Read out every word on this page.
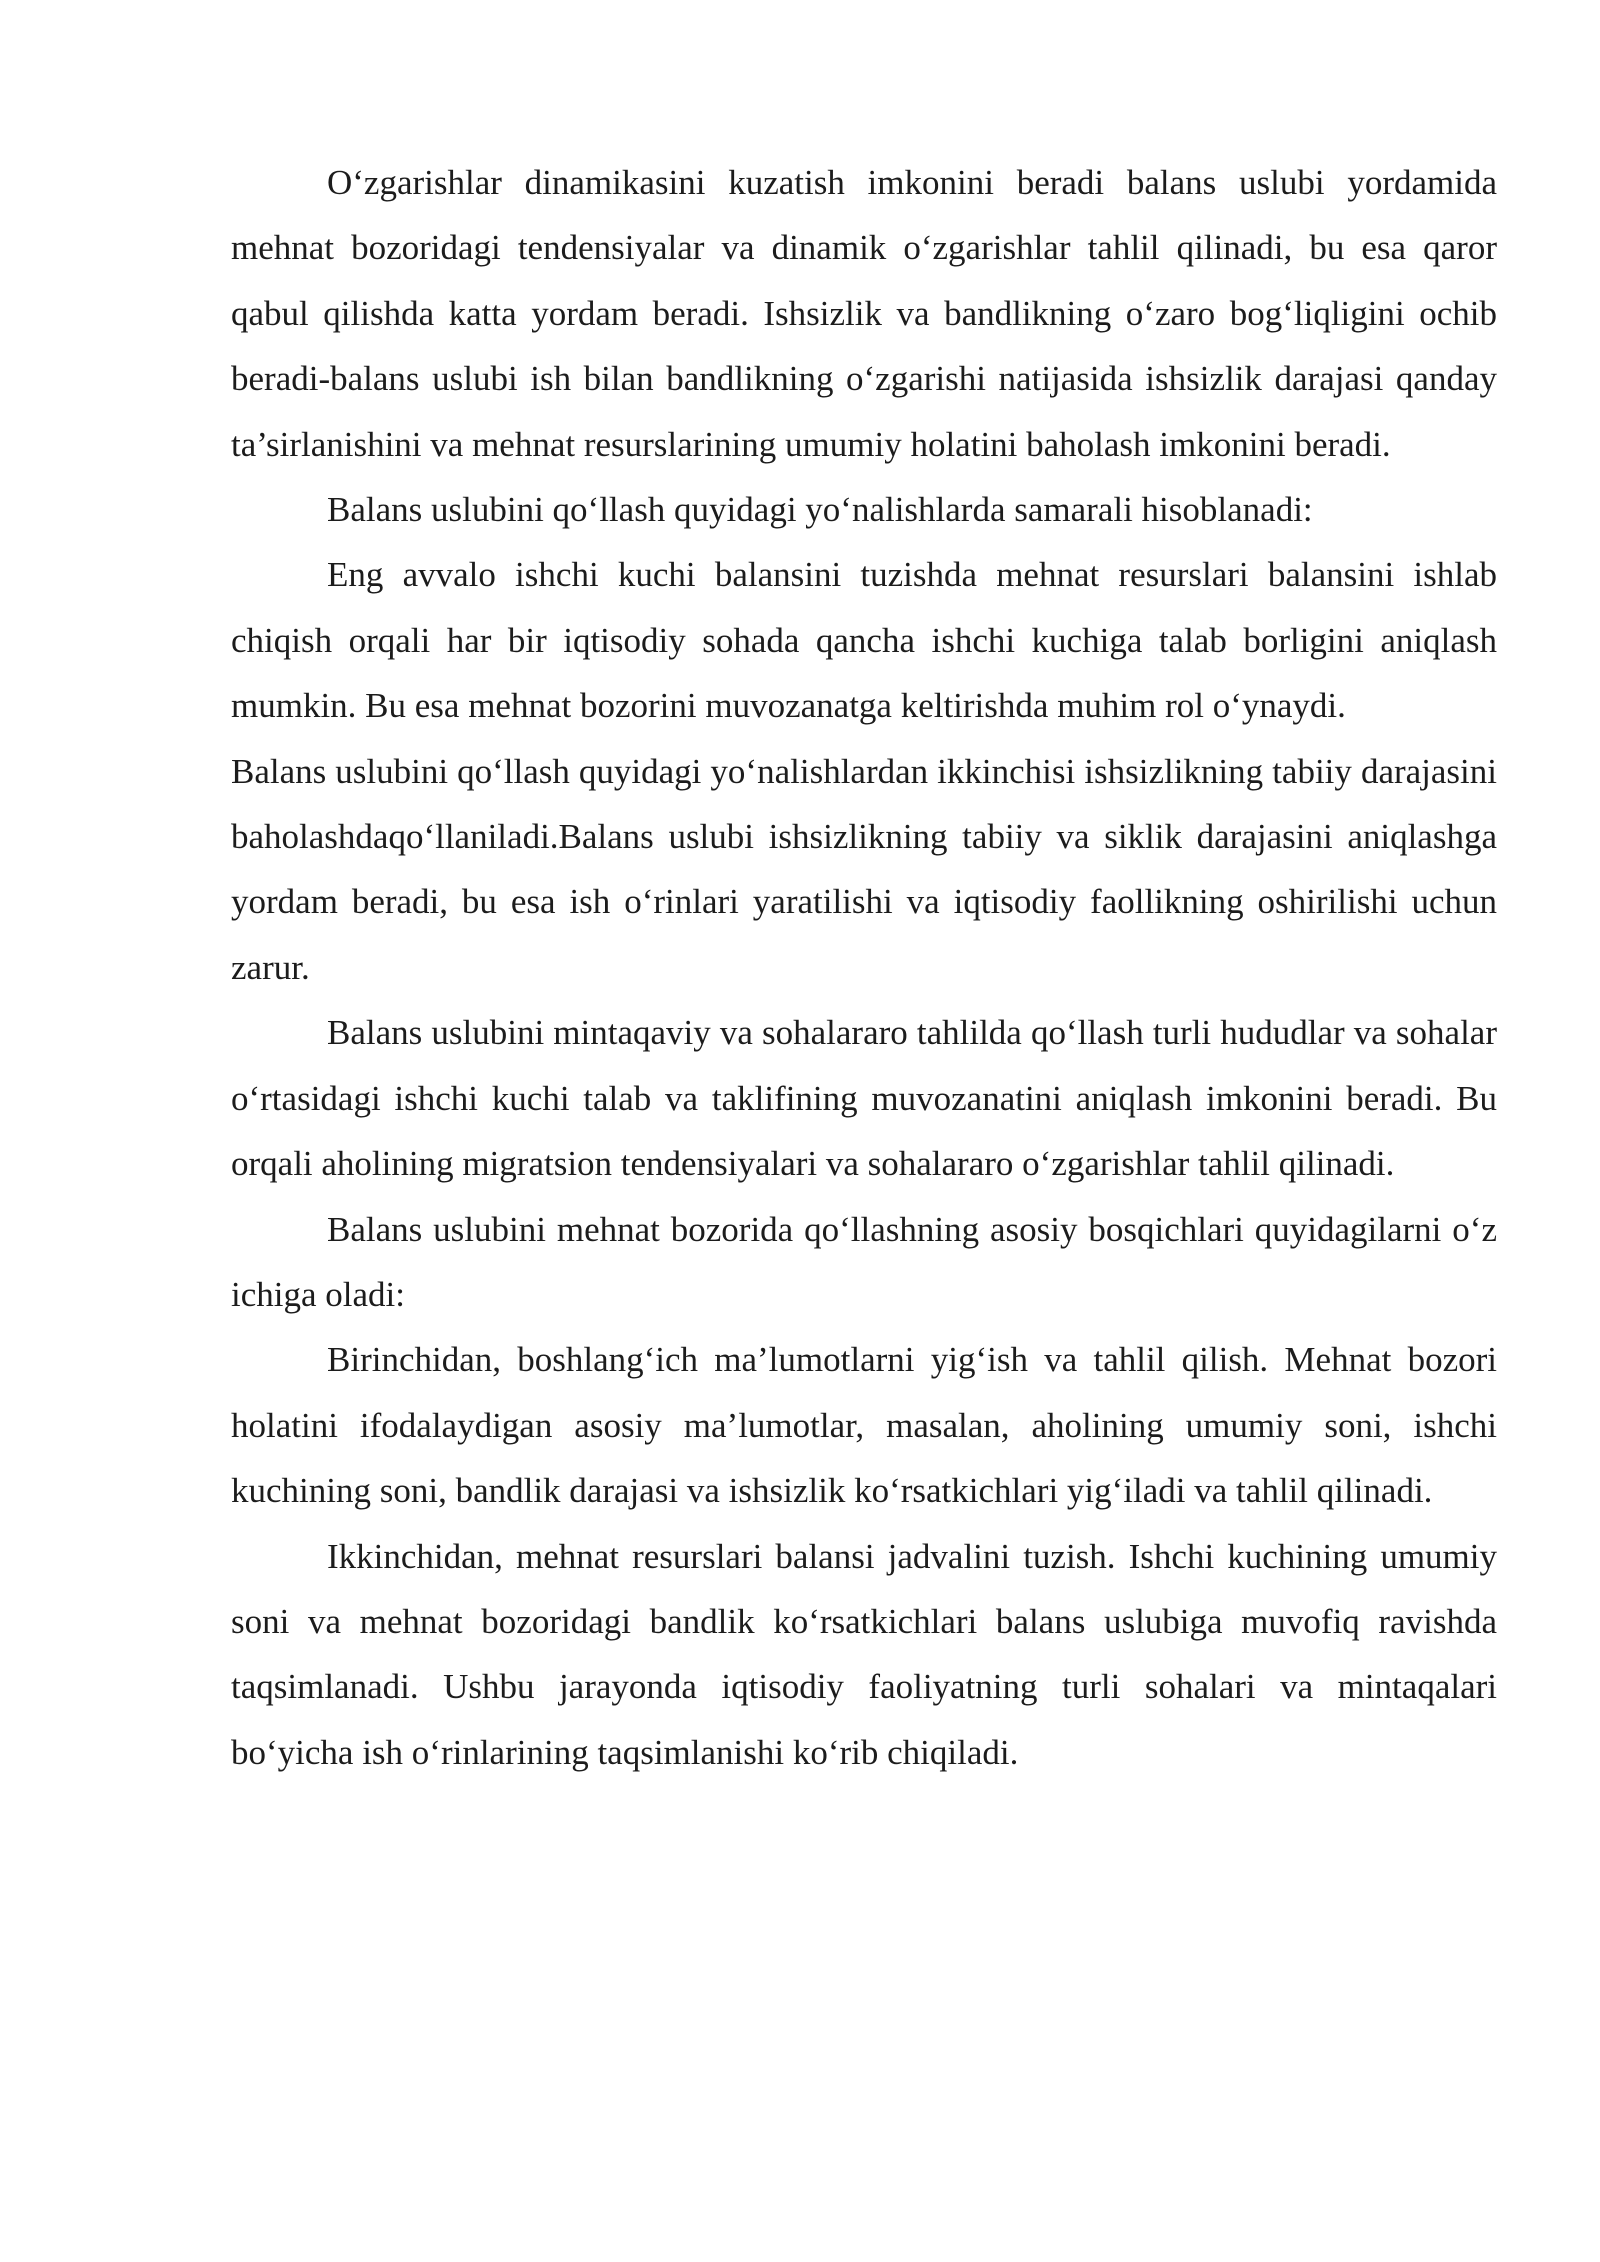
O‘zgarishlar dinamikasini kuzatish imkonini beradi balans uslubi yordamida mehnat bozoridagi tendensiyalar va dinamik o‘zgarishlar tahlil qilinadi, bu esa qaror qabul qilishda katta yordam beradi. Ishsizlik va bandlikning o‘zaro bog‘liqligini ochib beradi-balans uslubi ish bilan bandlikning o‘zgarishi natijasida ishsizlik darajasi qanday ta’sirlanishini va mehnat resurslarining umumiy holatini baholash imkonini beradi.

Balans uslubini qo‘llash quyidagi yo‘nalishlarda samarali hisoblanadi:

Eng avvalo ishchi kuchi balansini tuzishda mehnat resurslari balansini ishlab chiqish orqali har bir iqtisodiy sohada qancha ishchi kuchiga talab borligini aniqlash mumkin. Bu esa mehnat bozorini muvozanatga keltirishda muhim rol o‘ynaydi.

Balans uslubini qo‘llash quyidagi yo‘nalishlardan ikkinchisi ishsizlikning tabiiy darajasini baholashdaqo‘llaniladi.Balans uslubi ishsizlikning tabiiy va siklik darajasini aniqlashga yordam beradi, bu esa ish o‘rinlari yaratilishi va iqtisodiy faollikning oshirilishi uchun zarur.

Balans uslubini mintaqaviy va sohalararo tahlilda qo‘llash turli hududlar va sohalar o‘rtasidagi ishchi kuchi talab va taklifining muvozanatini aniqlash imkonini beradi. Bu orqali aholining migratsion tendensiyalari va sohalararo o‘zgarishlar tahlil qilinadi.

Balans uslubini mehnat bozorida qo‘llashning asosiy bosqichlari quyidagilarni o‘z ichiga oladi:

Birinchidan, boshlang‘ich ma’lumotlarni yig‘ish va tahlil qilish. Mehnat bozori holatini ifodalaydigan asosiy ma’lumotlar, masalan, aholining umumiy soni, ishchi kuchining soni, bandlik darajasi va ishsizlik ko‘rsatkichlari yig‘iladi va tahlil qilinadi.

Ikkinchidan, mehnat resurslari balansi jadvalini tuzish. Ishchi kuchining umumiy soni va mehnat bozoridagi bandlik ko‘rsatkichlari balans uslubiga muvofiq ravishda taqsimlanadi. Ushbu jarayonda iqtisodiy faoliyatning turli sohalari va mintaqalari bo‘yicha ish o‘rinlarining taqsimlanishi ko‘rib chiqiladi.
